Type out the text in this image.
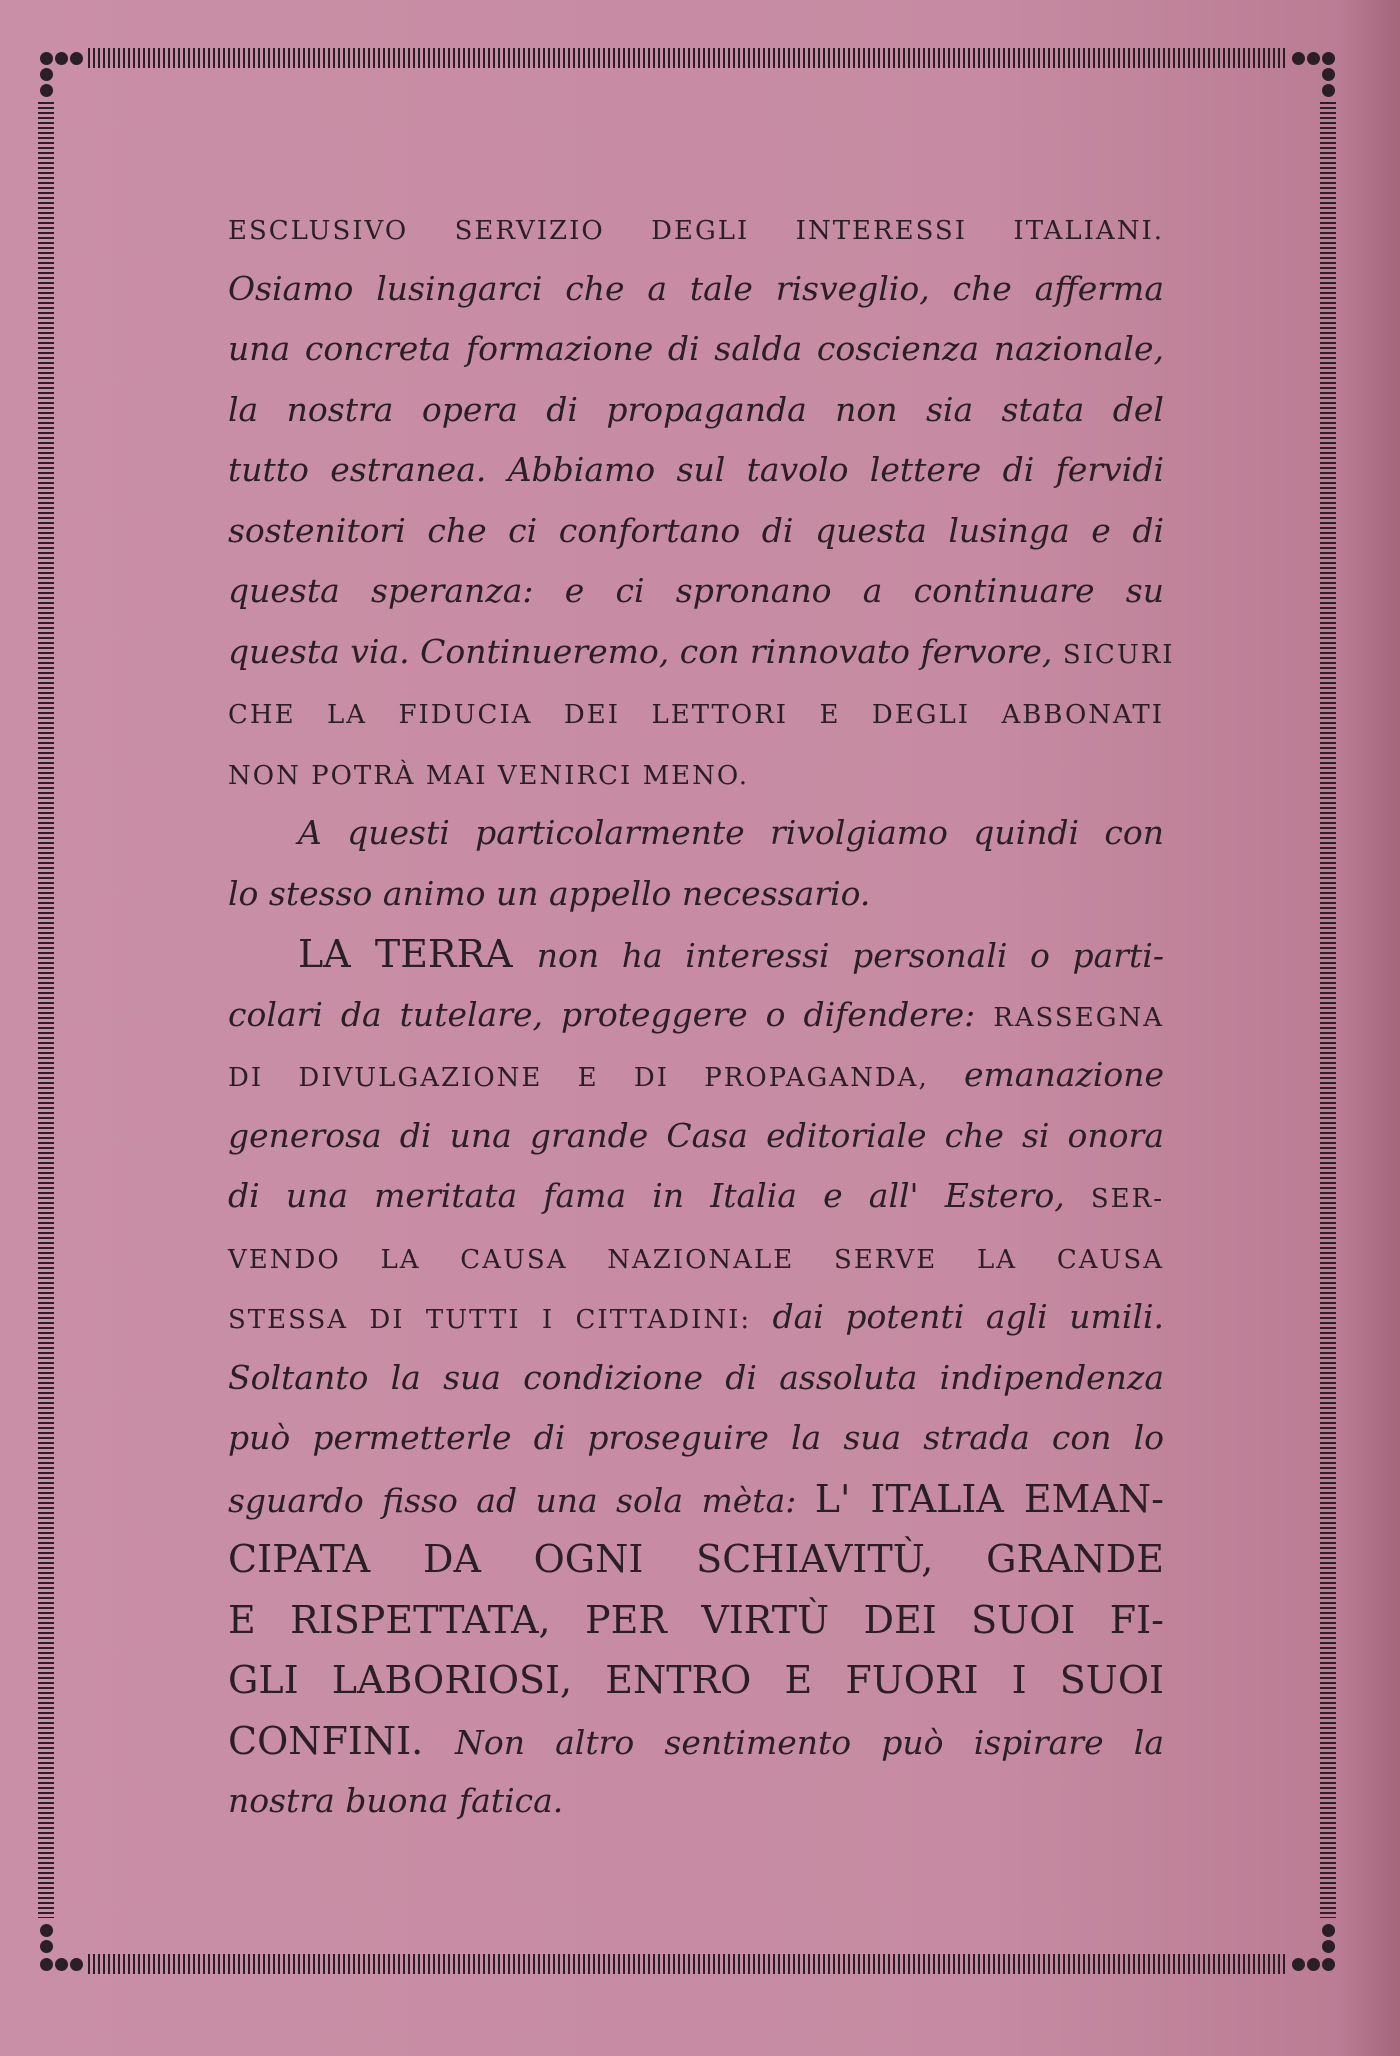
ESCLUSIVO SERVIZIO DEGLI INTERESSI ITALIANI.
Osiamo lusingarci che a tale risveglio, che afferma
una concreta formazione di salda coscienza nazionale,
la nostra opera di propaganda non sia stata del
tutto estranea. Abbiamo sul tavolo lettere di fervidi
sostenitori che ci confortano di questa lusinga e di
questa speranza: e ci spronano a continuare su
questa via. Continueremo, con rinnovato fervore, SICURI
CHE LA FIDUCIA DEI LETTORI E DEGLI ABBONATI
NON POTRÀ MAI VENIRCI MENO.
A questi particolarmente rivolgiamo quindi con
lo stesso animo un appello necessario.
LA TERRA non ha interessi personali o parti-
colari da tutelare, proteggere o difendere: RASSEGNA
DI DIVULGAZIONE E DI PROPAGANDA, emanazione
generosa di una grande Casa editoriale che si onora
di una meritata fama in Italia e all' Estero, SER-
VENDO LA CAUSA NAZIONALE SERVE LA CAUSA
STESSA DI TUTTI I CITTADINI: dai potenti agli umili.
Soltanto la sua condizione di assoluta indipendenza
può permetterle di proseguire la sua strada con lo
sguardo fisso ad una sola mèta: L' ITALIA EMAN-
CIPATA DA OGNI SCHIAVITÙ, GRANDE
E RISPETTATA, PER VIRTÙ DEI SUOI FI-
GLI LABORIOSI, ENTRO E FUORI I SUOI
CONFINI. Non altro sentimento può ispirare la
nostra buona fatica.
